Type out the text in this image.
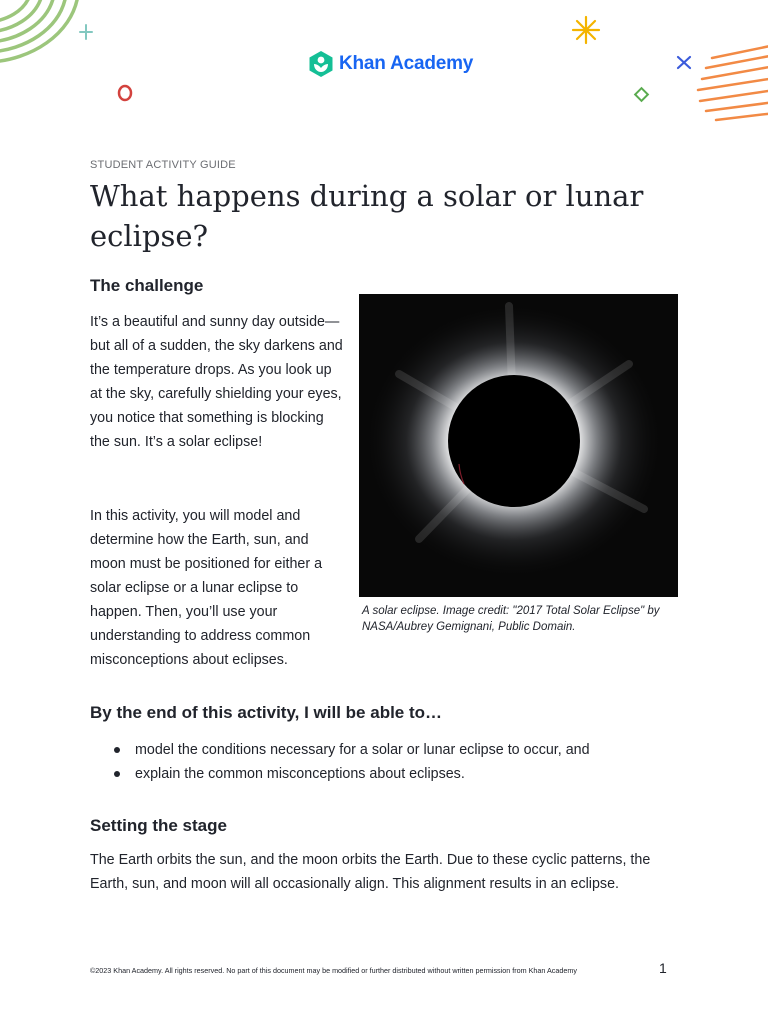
Khan Academy
STUDENT ACTIVITY GUIDE
What happens during a solar or lunar eclipse?
The challenge

It’s a beautiful and sunny day outside—but all of a sudden, the sky darkens and the temperature drops. As you look up at the sky, carefully shielding your eyes, you notice that something is blocking the sun. It’s a solar eclipse!

In this activity, you will model and determine how the Earth, sun, and moon must be positioned for either a solar eclipse or a lunar eclipse to happen. Then, you’ll use your understanding to address common misconceptions about eclipses.

A solar eclipse. Image credit: "2017 Total Solar Eclipse" by NASA/Aubrey Gemignani, Public Domain.

By the end of this activity, I will be able to…
model the conditions necessary for a solar or lunar eclipse to occur, and
explain the common misconceptions about eclipses.
Setting the stage

The Earth orbits the sun, and the moon orbits the Earth. Due to these cyclic patterns, the Earth, sun, and moon will all occasionally align. This alignment results in an eclipse.

©2023 Khan Academy. All rights reserved. No part of this document may be modified or further distributed without written permission from Khan Academy	1
